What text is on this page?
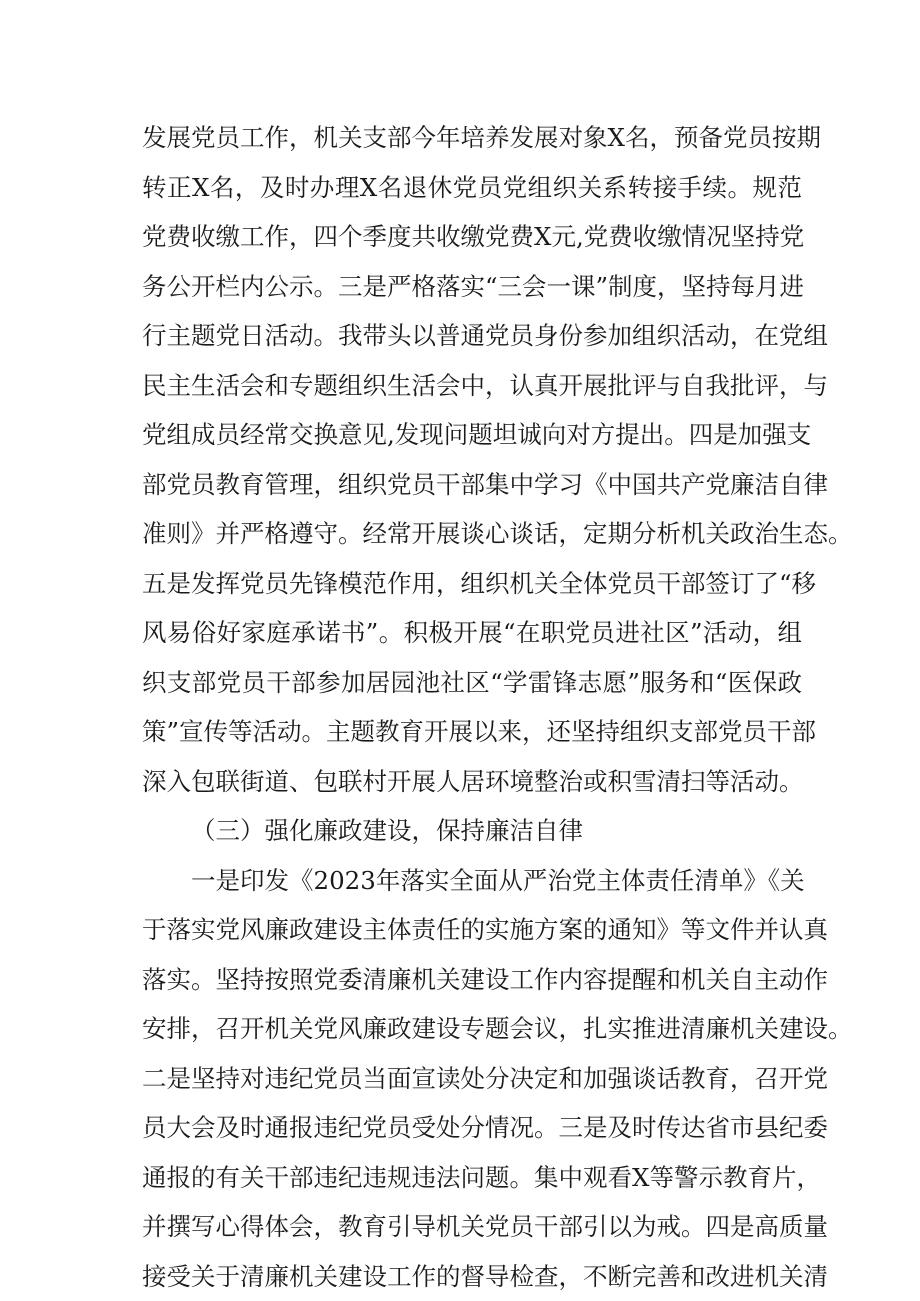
发展党员工作，机关支部今年培养发展对象X名，预备党员按期
转正X名，及时办理X名退休党员党组织关系转接手续。规范
党费收缴工作，四个季度共收缴党费X元,党费收缴情况坚持党
务公开栏内公示。三是严格落实“三会一课”制度，坚持每月进
行主题党日活动。我带头以普通党员身份参加组织活动，在党组
民主生活会和专题组织生活会中，认真开展批评与自我批评，与
党组成员经常交换意见,发现问题坦诚向对方提出。四是加强支
部党员教育管理，组织党员干部集中学习《中国共产党廉洁自律
准则》并严格遵守。经常开展谈心谈话，定期分析机关政治生态。
五是发挥党员先锋模范作用，组织机关全体党员干部签订了“移
风易俗好家庭承诺书”。积极开展“在职党员进社区”活动，组
织支部党员干部参加居园池社区“学雷锋志愿”服务和“医保政
策”宣传等活动。主题教育开展以来，还坚持组织支部党员干部
深入包联街道、包联村开展人居环境整治或积雪清扫等活动。
（三）强化廉政建设，保持廉洁自律
一是印发《2023年落实全面从严治党主体责任清单》《关
于落实党风廉政建设主体责任的实施方案的通知》等文件并认真
落实。坚持按照党委清廉机关建设工作内容提醒和机关自主动作
安排，召开机关党风廉政建设专题会议，扎实推进清廉机关建设。
二是坚持对违纪党员当面宣读处分决定和加强谈话教育，召开党
员大会及时通报违纪党员受处分情况。三是及时传达省市县纪委
通报的有关干部违纪违规违法问题。集中观看X等警示教育片，
并撰写心得体会，教育引导机关党员干部引以为戒。四是高质量
接受关于清廉机关建设工作的督导检查，不断完善和改进机关清
